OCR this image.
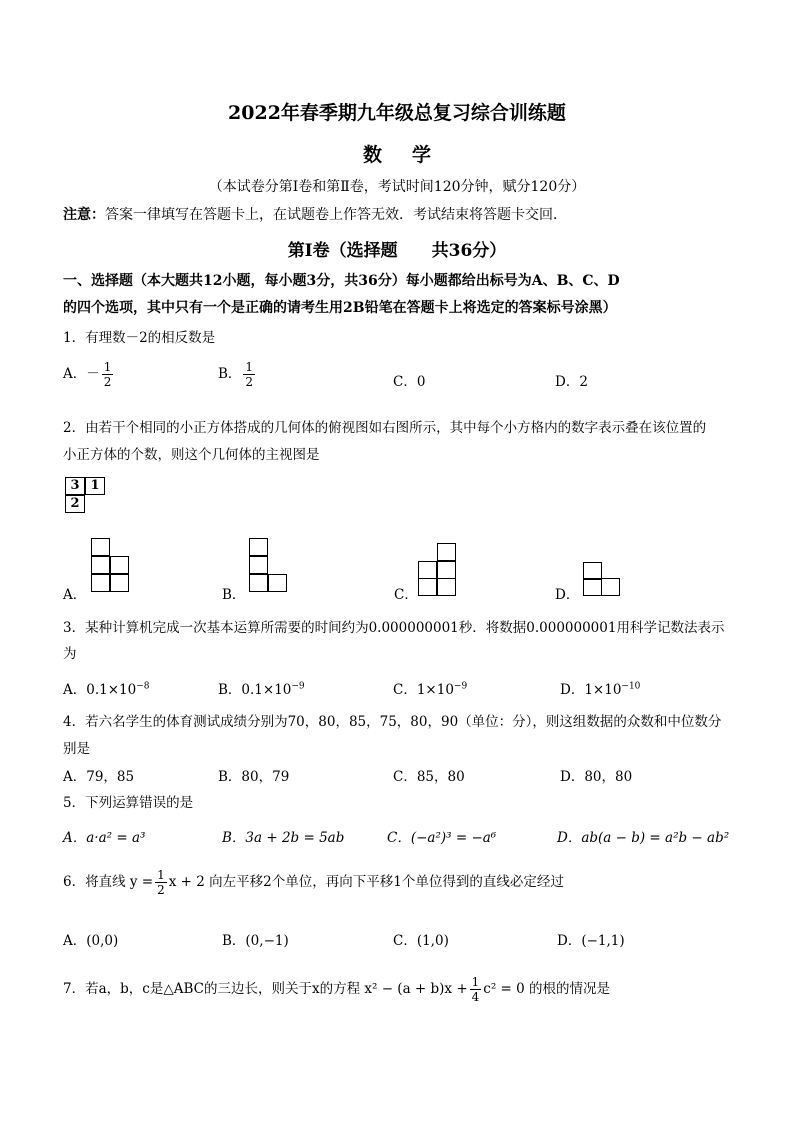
2022年春季期九年级总复习综合训练题
数学
（本试卷分第Ⅰ卷和第Ⅱ卷，考试时间120分钟，赋分120分）
注意：答案一律填写在答题卡上，在试题卷上作答无效．考试结束将答题卡交回．
第Ⅰ卷（选择题　　共36分）
一、选择题（本大题共12小题，每小题3分，共36分）每小题都给出标号为A、B、C、D
的四个选项，其中只有一个是正确的请考生用2B铅笔在答题卡上将选定的答案标号涂黑）
1．有理数－2的相反数是
A．－ $\frac{1}{2}$	B． $\frac{1}{2}$	C．0	D．2
2．由若干个相同的小正方体搭成的几何体的俯视图如右图所示，其中每个小方格内的数字表示叠在该位置的
小正方体的个数，则这个几何体的主视图是
3 1
2
A．	B．	C．	D．
3．某种计算机完成一次基本运算所需要的时间约为0.000000001秒．将数据0.000000001用科学记数法表示
为
A．$0.1\times 10^{-8}$	B．$0.1\times 10^{-9}$	C．$1\times 10^{-9}$	D．$1\times 10^{-10}$
4．若六名学生的体育测试成绩分别为70，80，85，75，80，90（单位：分），则这组数据的众数和中位数分
别是
A．79，85	B．80，79	C．85，80	D．80，80
5．下列运算错误的是
A．a·a² = a³	B．3a + 2b = 5ab	C．(−a²)³ = −a⁶	D．ab(a − b) = a²b − ab²
6．将直线 $y = \frac{1}{2}$ x + 2 向左平移2个单位，再向下平移1个单位得到的直线必定经过
A．(0,0)	B．(0,−1)	C．(1,0)	D．(−1,1)
7．若a，b，c是△ABC的三边长，则关于x的方程 $x^2 - (a + b)x + \frac{1}{4} c^2 = 0$ 的根的情况是
